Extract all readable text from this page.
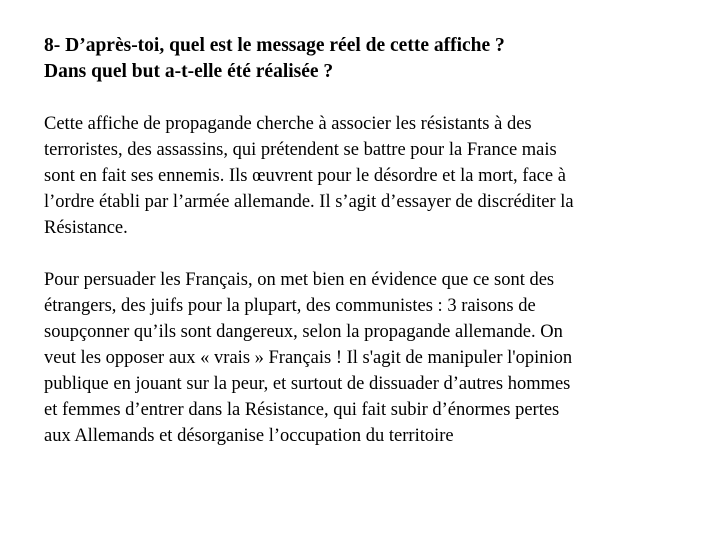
8- D’après-toi, quel est le message réel de cette affiche ?
Dans quel but a-t-elle été réalisée ?
Cette affiche de propagande cherche à associer les résistants à des
terroristes, des assassins, qui prétendent se battre pour la France mais
sont en fait ses ennemis. Ils œuvrent pour le désordre et la mort, face à
l’ordre établi par l’armée allemande. Il s’agit d’essayer de discréditer la
Résistance.
Pour persuader les Français, on met bien en évidence que ce sont des
étrangers, des juifs pour la plupart, des communistes : 3 raisons de
soupçonner qu’ils sont dangereux, selon la propagande allemande. On
veut les opposer aux « vrais » Français ! Il s'agit de manipuler l'opinion
publique en jouant sur la peur, et surtout de dissuader d’autres hommes
et femmes d’entrer dans la Résistance, qui fait subir d’énormes pertes
aux Allemands et désorganise l’occupation du territoire
